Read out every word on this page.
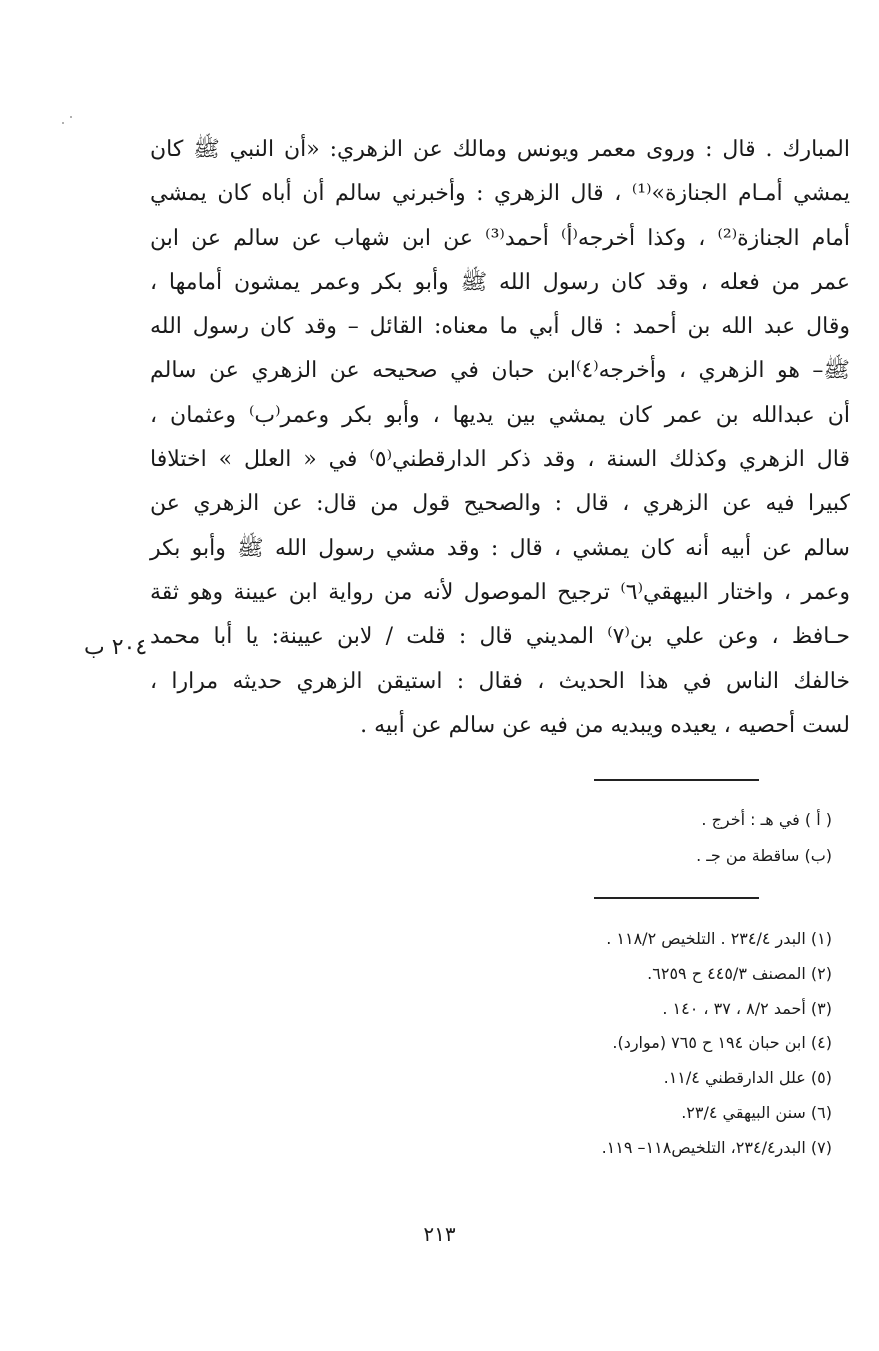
المبارك . قال : وروى معمر ويونس ومالك عن الزهري: «أن النبي ﷺ كان
يمشي أمـام الجنازة»⁽¹⁾ ، قال الزهري : وأخبرني سالم أن أباه كان يمشي
أمام الجنازة⁽²⁾ ، وكذا أخرجه⁽أ⁾ أحمد⁽³⁾ عن ابن شهاب عن سالم عن ابن
عمر من فعله ، وقد كان رسول الله ﷺ وأبو بكر وعمر يمشون أمامها ،
وقال عبد الله بن أحمد : قال أبي ما معناه: القائل – وقد كان رسول الله
ﷺ– هو الزهري ، وأخرجه⁽٤⁾ابن حبان في صحيحه عن الزهري عن سالم
أن عبدالله بن عمر كان يمشي بين يديها ، وأبو بكر وعمر⁽ب⁾ وعثمان ،
قال الزهري وكذلك السنة ، وقد ذكر الدارقطني⁽٥⁾ في « العلل » اختلافا
كبيرا فيه عن الزهري ، قال : والصحيح قول من قال: عن الزهري عن
سالم عن أبيه أنه كان يمشي ، قال : وقد مشي رسول الله ﷺ وأبو بكر
وعمر ، واختار البيهقي⁽٦⁾ ترجيح الموصول لأنه من رواية ابن عيينة وهو ثقة
حـافظ ، وعن علي بن⁽٧⁾ المديني قال : قلت / لابن عيينة: يا أبا محمد
خالفك الناس في هذا الحديث ، فقال : استيقن الزهري حديثه مرارا ،
لست أحصيه ، يعيده ويبديه من فيه عن سالم عن أبيه .
٢٠٤ ب
( أ ) في هـ : أخرج .
(ب) ساقطة من جـ .
(١) البدر ٢٣٤/٤ . التلخيص ١١٨/٢ .
(٢) المصنف ٤٤٥/٣ ح ٦٢٥٩.
(٣) أحمد ٨/٢ ، ٣٧ ، ١٤٠ .
(٤) ابن حبان ١٩٤ ح ٧٦٥ (موارد).
(٥) علل الدارقطني ١١/٤.
(٦) سنن البيهقي ٢٣/٤.
(٧) البدر٢٣٤/٤، التلخيص١١٨– ١١٩.
٢١٣
